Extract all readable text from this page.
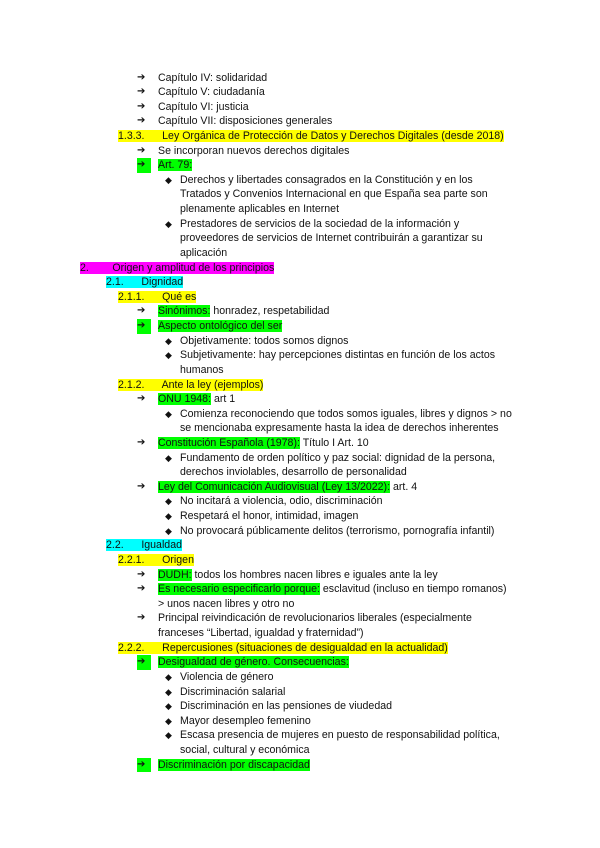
➔ Capítulo IV: solidaridad
➔ Capítulo V: ciudadanía
➔ Capítulo VI: justicia
➔ Capítulo VII: disposiciones generales
1.3.3.      Ley Orgánica de Protección de Datos y Derechos Digitales (desde 2018)
➔ Se incorporan nuevos derechos digitales
➔	Art. 79:
◆ Derechos y libertades consagrados en la Constitución y en los
Tratados y Convenios Internacional en que España sea parte son
plenamente aplicables en Internet
◆ Prestadores de servicios de la sociedad de la información y
proveedores de servicios de Internet contribuirán a garantizar su
aplicación
2.        Origen y amplitud de los principios
2.1.      Dignidad
2.1.1.      Qué es
➔ Sinónimos: honradez, respetabilidad
➔	Aspecto ontológico del ser
◆ Objetivamente: todos somos dignos
◆ Subjetivamente: hay percepciones distintas en función de los actos
humanos
2.1.2.      Ante la ley (ejemplos)
➔ ONU 1948: art 1
◆ Comienza reconociendo que todos somos iguales, libres y dignos > no
se mencionaba expresamente hasta la idea de derechos inherentes
➔ Constitución Española (1978): Título I Art. 10
◆ Fundamento de orden político y paz social: dignidad de la persona,
derechos inviolables, desarrollo de personalidad
➔ Ley del Comunicación Audiovisual (Ley 13/2022): art. 4
◆ No incitará a violencia, odio, discriminación
◆ Respetará el honor, intimidad, imagen
◆ No provocará públicamente delitos (terrorismo, pornografía infantil)
2.2.      Igualdad
2.2.1.      Origen
➔ DUDH: todos los hombres nacen libres e iguales ante la ley
➔ Es necesario especificarlo porque: esclavitud (incluso en tiempo romanos)
> unos nacen libres y otro no
➔ Principal reivindicación de revolucionarios liberales (especialmente
franceses “Libertad, igualdad y fraternidad”)
2.2.2.      Repercusiones (situaciones de desigualdad en la actualidad)
➔	Desigualdad de género. Consecuencias:
◆ Violencia de género
◆ Discriminación salarial
◆ Discriminación en las pensiones de viudedad
◆ Mayor desempleo femenino
◆ Escasa presencia de mujeres en puesto de responsabilidad política,
social, cultural y económica
➔	Discriminación por discapacidad
